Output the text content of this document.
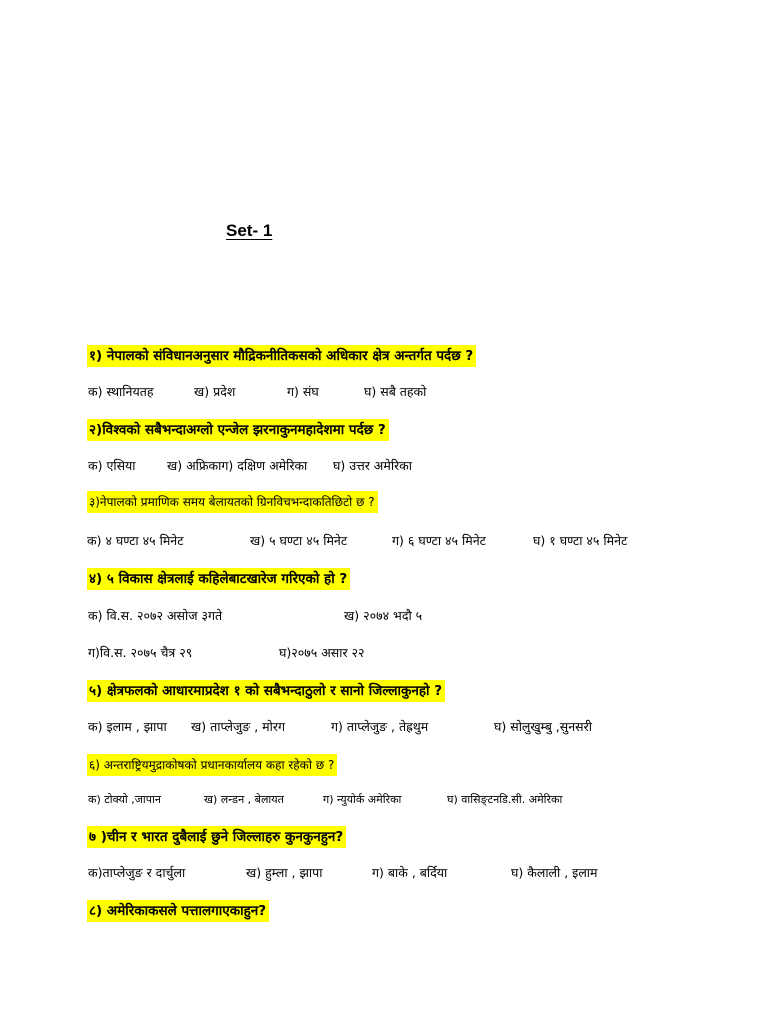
Set- 1
१) नेपालको संविधानअनुसार मौद्रिकनीतिकसको अधिकार क्षेत्र अन्तर्गत पर्दछ ?
क) स्थानियतह	ख) प्रदेश	ग) संघ	घ) सबै तहको
२)विश्वको सबैभन्दाअग्लो एन्जेल झरनाकुनमहादेशमा पर्दछ ?
क) एसिया	ख) अफ्रिकाग) दक्षिण अमेरिका घ) उत्तर अमेरिका
३)नेपालको प्रमाणिक समय बेलायतको ग्रिनविचभन्दाकतिछिटो छ ?
क) ४ घण्टा ४५ मिनेट	ख) ५ घण्टा ४५ मिनेट	ग) ६ घण्टा ४५ मिनेट	घ) १ घण्टा ४५ मिनेट
४) ५ विकास क्षेत्रलाई कहिलेबाटखारेज गरिएको हो ?
क) वि.स. २०७२ असोज ३गते	ख) २०७४ भदौ ५
ग)वि.स. २०७५ चैत्र २९	घ)२०७५ असार २२
५) क्षेत्रफलको आधारमाप्रदेश १ को सबैभन्दाठुलो र सानो जिल्लाकुनहो ?
क) इलाम , झापा ख) ताप्लेजुङ , मोरग	ग) ताप्लेजुङ , तेह्रथुम	घ) सोलुखुम्बु ,सुनसरी
६) अन्तराष्ट्रियमुद्राकोषको प्रधानकार्यालय कहा रहेको छ ?
क) टोक्यो ,जापान	ख) लन्डन , बेलायत	ग) न्युयोर्क अमेरिका	घ) वासिङ्टनडि.सी. अमेरिका
७ )चीन र भारत दुबैलाई छुने जिल्लाहरु कुनकुनहुन?
क)ताप्लेजुङ र दार्चुला	ख) हुम्ला , झापा	ग) बाके , बर्दिया	घ) कैलाली , इलाम
८) अमेरिकाकसले पत्तालगाएकाहुन?
